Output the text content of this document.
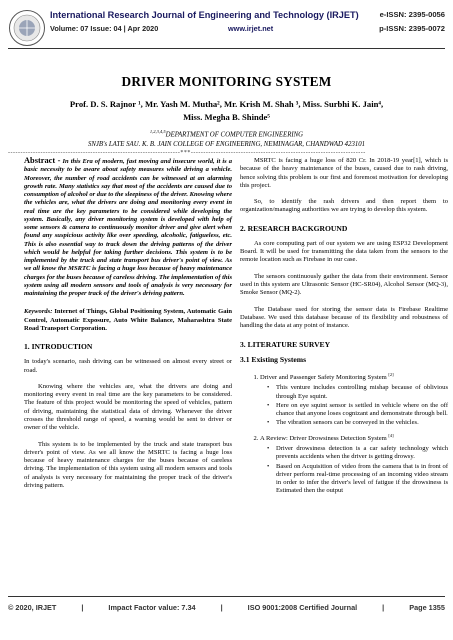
International Research Journal of Engineering and Technology (IRJET)
Volume: 07 Issue: 04 | Apr 2020	www.irjet.net
e-ISSN: 2395-0056
p-ISSN: 2395-0072
DRIVER MONITORING SYSTEM
Prof. D. S. Rajnor ¹, Mr. Yash M. Mutha², Mr. Krish M. Shah ³, Miss. Surbhi K. Jain⁴,
Miss. Megha B. Shinde⁵
$^{1,2,3,4,5}$DEPARTMENT OF COMPUTER ENGINEERING
SNJB's LATE SAU. K. B. JAIN COLLEGE OF ENGINEERING, NEMINAGAR, CHANDWAD 423101
---------------------------------------------------------------------***----------------------------------------------------------------------

Abstract - In this Era of modern, fast moving and insecure world, it is a basic necessity to be aware about safety measures while driving a vehicle. Moreover, the number of road accidents can be witnessed at an alarming growth rate. Many statistics say that most of the accidents are caused due to consumption of alcohol or due to the sleepiness of the driver. Knowing where the vehicles are, what the drivers are doing and monitoring every event in real time are the key parameters to be considered while developing the system. Basically, any driver monitoring system is developed with help of some sensors & camera to continuously monitor driver and give alert when found any suspicious activity like over speeding, alcoholic, fatigueless, etc. This is also essential way to track down the driving patterns of the driver which would be helpful for taking further decisions. This system is to be implemented by the truck and state transport bus driver's point of view. As we all know the MSRTC is facing a huge loss because of heavy maintenance charges for the buses because of careless driving. The implementation of this system using all modern sensors and tools of analysis is very necessary for maintaining the proper track of the driver's driving pattern.

Keywords: Internet of Things, Global Positioning System, Automatic Gain Control, Automatic Exposure, Auto White Balance, Maharashtra State Road Transport Corporation.

1. INTRODUCTION

In today's scenario, rash driving can be witnessed on almost every street or road.

Knowing where the vehicles are, what the drivers are doing and monitoring every event in real time are the key parameters to be considered. The feature of this project would be monitoring the speed of vehicles, pattern of driving, maintaining the statistical data of driving. Whenever the driver crosses the threshold range of speed, a warning would be sent to driver or owner of the vehicle.

This system is to be implemented by the truck and state transport bus driver's point of view. As we all know the MSRTC is facing a huge loss because of heavy maintenance charges for the buses because of careless driving. The implementation of this system using all modern sensors and tools of analysis is very necessary for maintaining the proper track of the driver's driving pattern.

MSRTC is facing a huge loss of 820 Cr. In 2018-19 year[1], which is because of the heavy maintenance of the buses, caused due to rash driving, hence solving this problem is our first and foremost motivation for developing this project.

So, to identify the rash drivers and then report them to organization/managing authorities we are trying to develop this system.

2. RESEARCH BACKGROUND

As core computing part of our system we are using ESP32 Development Board. It will be used for transmitting the data taken from the sensors to the remote location such as Firebase in our case.

The sensors continuously gather the data from their environment. Sensor used in this system are Ultrasonic Sensor (HC-SR04), Alcohol Sensor (MQ-3), Smoke Sensor (MQ-2).

The Database used for storing the sensor data is Firebase Realtime Database. We used this database because of its flexibility and robustness of handling the data at any point of instance.

3. LITERATURE SURVEY
3.1 Existing Systems
1. Driver and Passenger Safety Monitoring System [2]
• This venture includes controlling mishap because of oblivious through Eye squint.
• Here on eye squint sensor is settled in vehicle where on the off chance that anyone loses cognizant and demonstrate through bell.
• The vibration sensors can be conveyed in the vehicles.
2. A Review: Driver Drowsiness Detection System [4]
• Driver drowsiness detection is a car safety technology which prevents accidents when the driver is getting drowsy.
• Based on Acquisition of video from the camera that is in front of driver perform real-time processing of an incoming video stream in order to infer the driver's level of fatigue if the drowsiness is Estimated then the output
© 2020, IRJET	|	Impact Factor value: 7.34	|	ISO 9001:2008 Certified Journal	|	Page 1355
